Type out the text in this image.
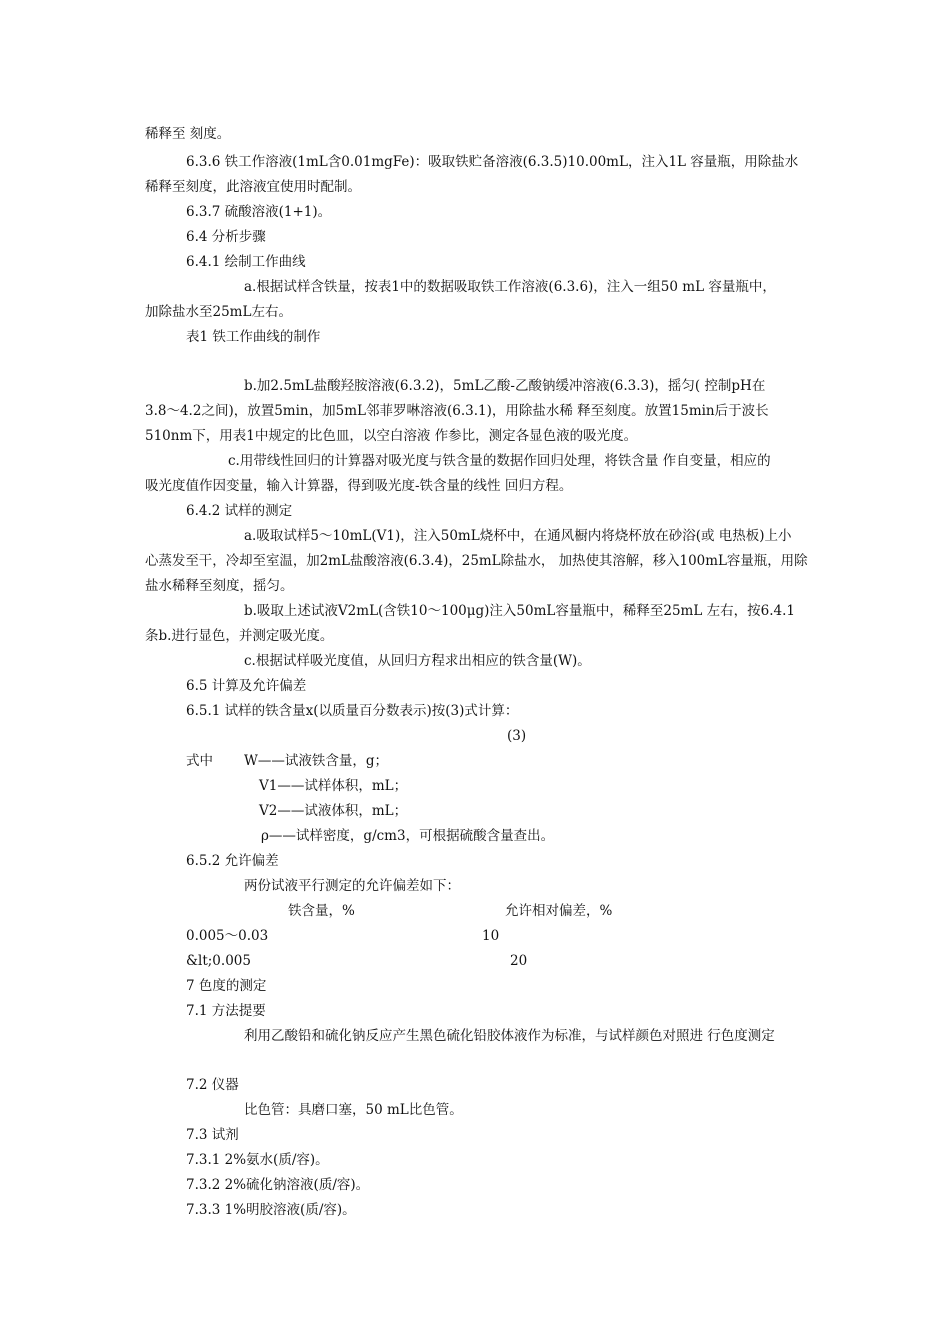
稀释至 刻度。
6.3.6 铁工作溶液(1mL含0.01mgFe)：吸取铁贮备溶液(6.3.5)10.00mL，注入1L 容量瓶，用除盐水
稀释至刻度，此溶液宜使用时配制。
6.3.7 硫酸溶液(1+1)。
6.4 分析步骤
6.4.1 绘制工作曲线
a.根据试样含铁量，按表1中的数据吸取铁工作溶液(6.3.6)，注入一组50 mL 容量瓶中，
加除盐水至25mL左右。
表1 铁工作曲线的制作
b.加2.5mL盐酸羟胺溶液(6.3.2)，5mL乙酸-乙酸钠缓冲溶液(6.3.3)，摇匀( 控制pH在
3.8～4.2之间)，放置5min，加5mL邻菲罗啉溶液(6.3.1)，用除盐水稀 释至刻度。放置15min后于波长
510nm下，用表1中规定的比色皿，以空白溶液 作参比，测定各显色液的吸光度。
c.用带线性回归的计算器对吸光度与铁含量的数据作回归处理，将铁含量 作自变量，相应的
吸光度值作因变量，输入计算器，得到吸光度-铁含量的线性 回归方程。
6.4.2 试样的测定
a.吸取试样5～10mL(V1)，注入50mL烧杯中，在通风橱内将烧杯放在砂浴(或 电热板)上小
心蒸发至干，冷却至室温，加2mL盐酸溶液(6.3.4)，25mL除盐水， 加热使其溶解，移入100mL容量瓶，用除
盐水稀释至刻度，摇匀。
b.吸取上述试液V2mL(含铁10～100μg)注入50mL容量瓶中，稀释至25mL 左右，按6.4.1
条b.进行显色，并测定吸光度。
c.根据试样吸光度值，从回归方程求出相应的铁含量(W)。
6.5 计算及允许偏差
6.5.1 试样的铁含量x(以质量百分数表示)按(3)式计算：
(3)
式中 W——试液铁含量，g；
V1——试样体积，mL；
V2——试液体积，mL；
ρ——试样密度，g/cm3，可根据硫酸含量查出。
6.5.2 允许偏差
两份试液平行测定的允许偏差如下：
铁含量，%	允许相对偏差，%
0.005～0.03	10
&lt;0.005	20
7 色度的测定
7.1 方法提要
利用乙酸铅和硫化钠反应产生黑色硫化铅胶体液作为标准，与试样颜色对照进 行色度测定
7.2 仪器
比色管：具磨口塞，50 mL比色管。
7.3 试剂
7.3.1 2%氨水(质/容)。
7.3.2 2%硫化钠溶液(质/容)。
7.3.3 1%明胶溶液(质/容)。
